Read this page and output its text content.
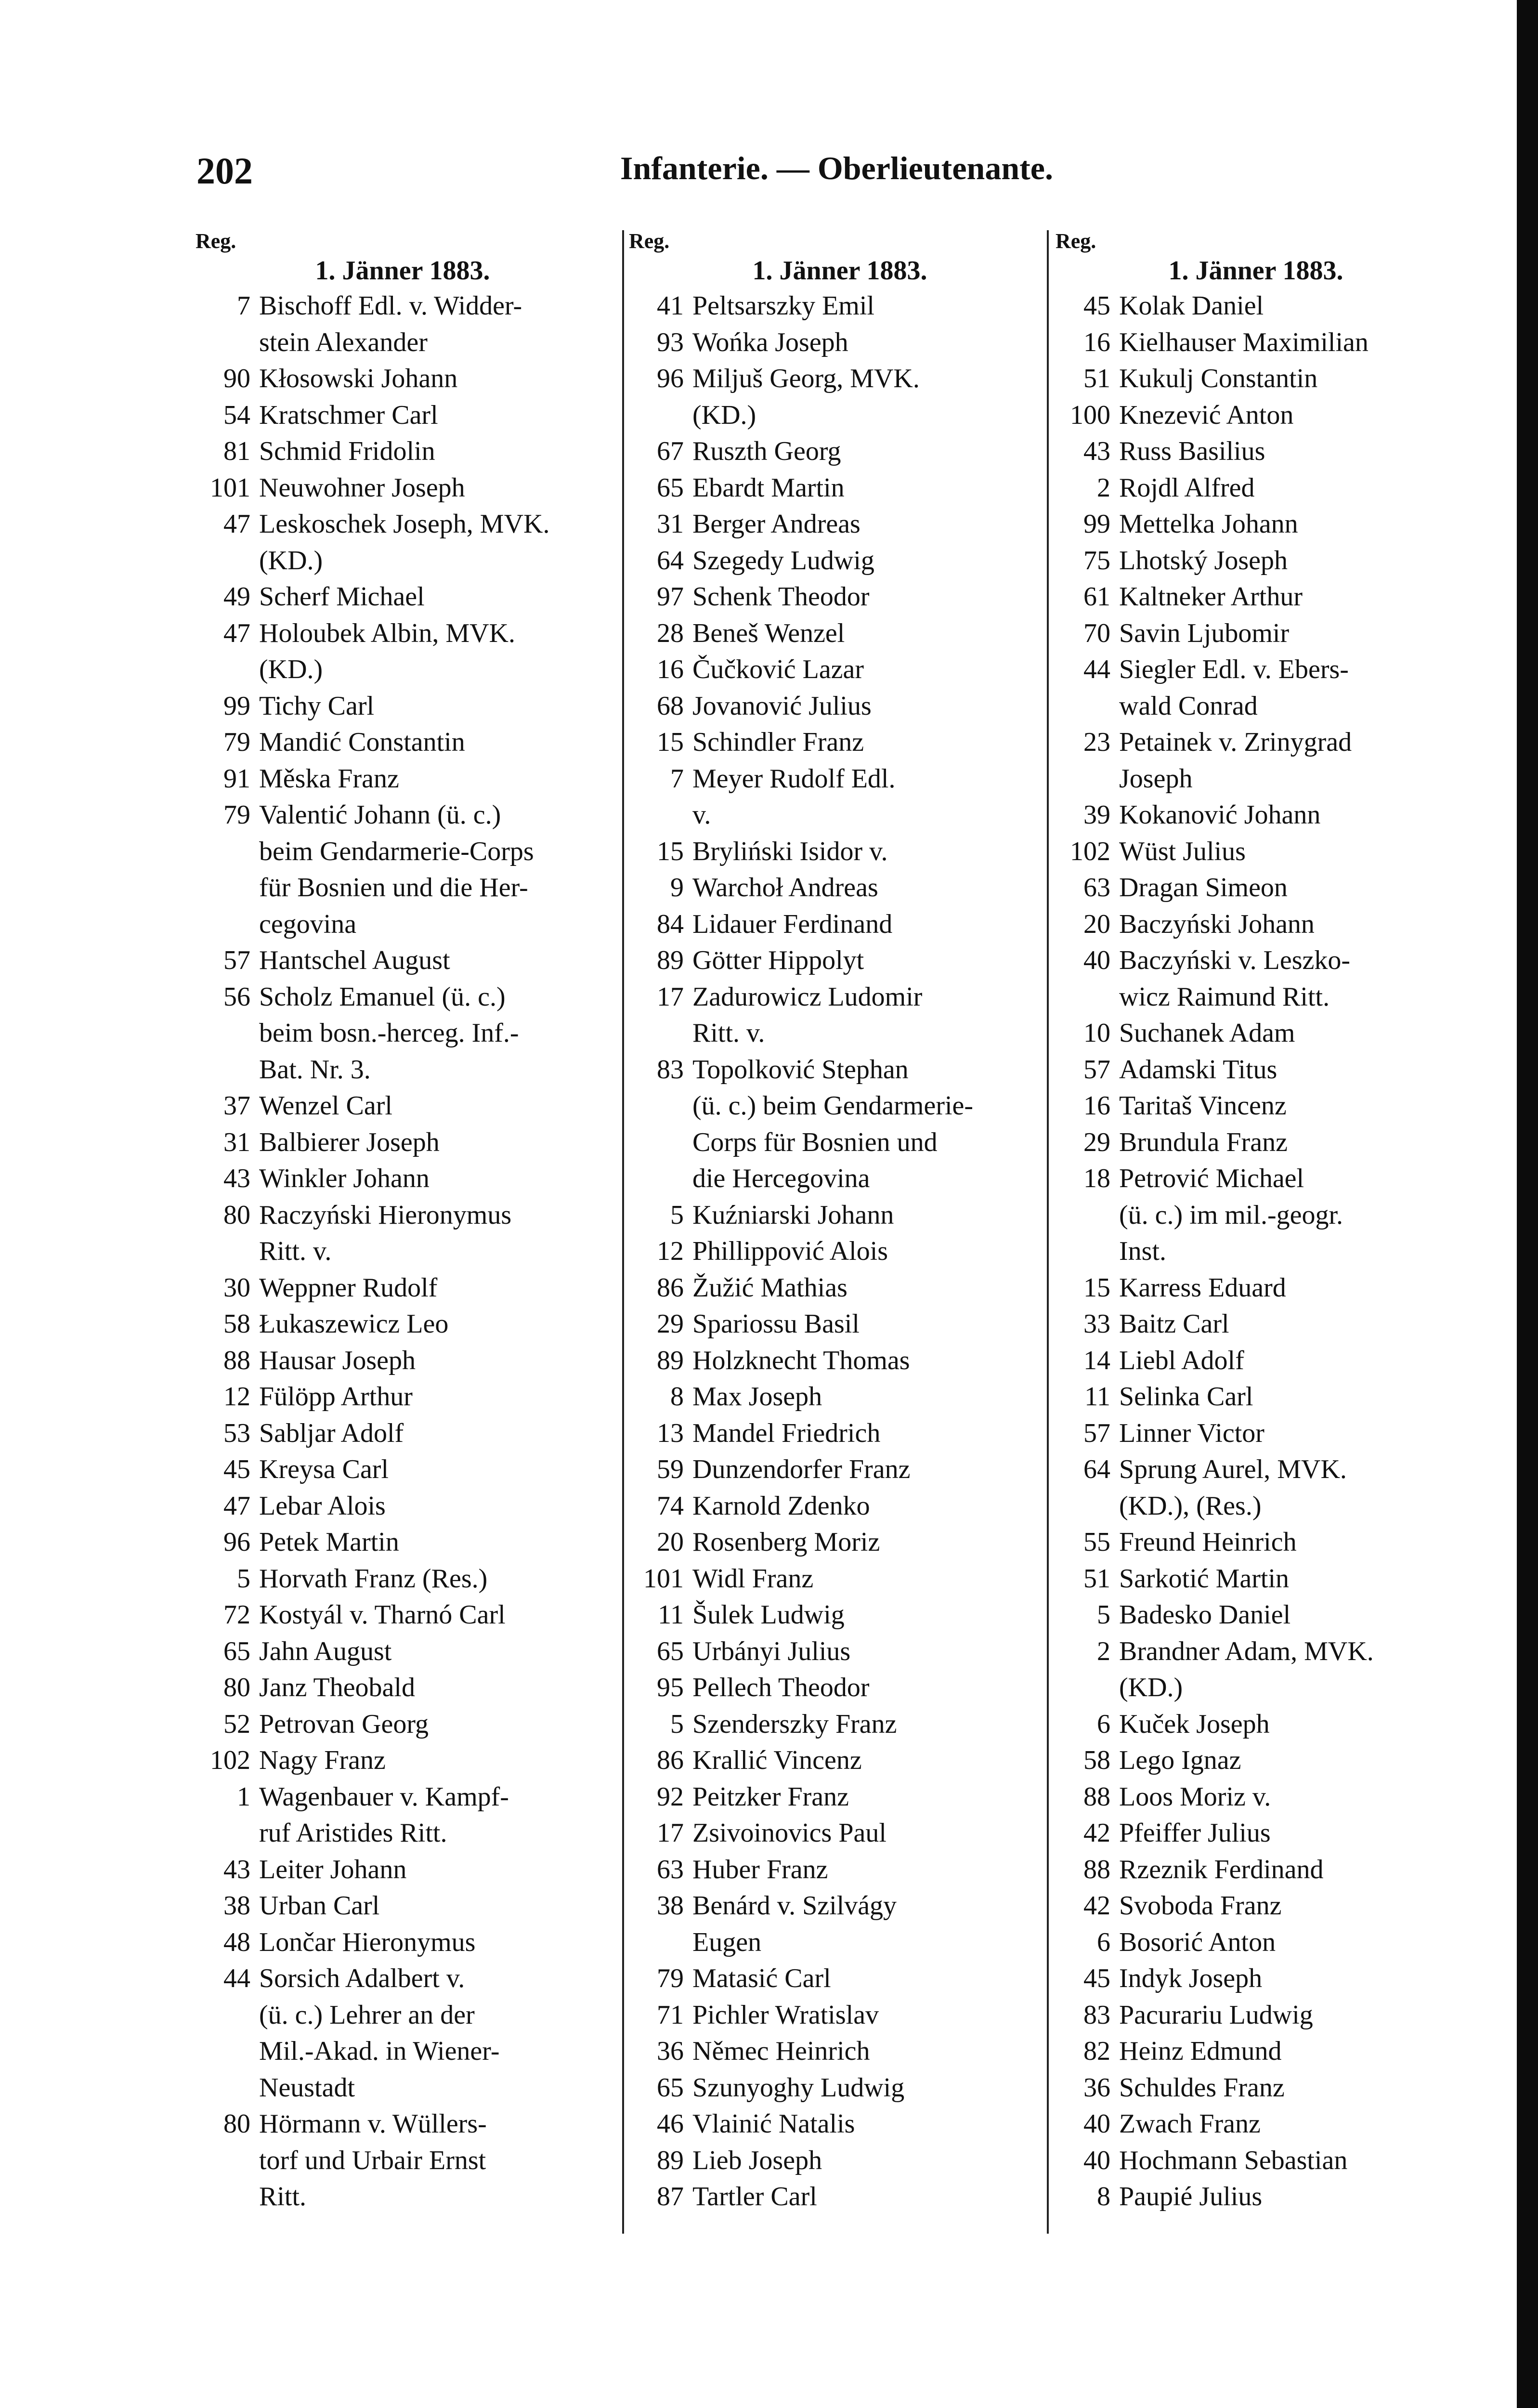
202	Infanterie. — Oberlieutenante.
Reg.
1. Jänner 1883.
7 Bischoff Edl. v. Widder-
stein Alexander
90 Kłosowski Johann
54 Kratschmer Carl
81 Schmid Fridolin
101 Neuwohner Joseph
47 Leskoschek Joseph, MVK.
(KD.)
49 Scherf Michael
47 Holoubek Albin, MVK.
(KD.)
99 Tichy Carl
79 Mandić Constantin
91 Měska Franz
79 Valentić Johann (ü. c.)
beim Gendarmerie-Corps
für Bosnien und die Her-
cegovina
57 Hantschel August
56 Scholz Emanuel (ü. c.)
beim bosn.-herceg. Inf.-
Bat. Nr. 3.
37 Wenzel Carl
31 Balbierer Joseph
43 Winkler Johann
80 Raczyński Hieronymus
Ritt. v.
30 Weppner Rudolf
58 Łukaszewicz Leo
88 Hausar Joseph
12 Fülöpp Arthur
53 Sabljar Adolf
45 Kreysa Carl
47 Lebar Alois
96 Petek Martin
5 Horvath Franz (Res.)
72 Kostyál v. Tharnó Carl
65 Jahn August
80 Janz Theobald
52 Petrovan Georg
102 Nagy Franz
1 Wagenbauer v. Kampf-
ruf Aristides Ritt.
43 Leiter Johann
38 Urban Carl
48 Lončar Hieronymus
44 Sorsich Adalbert v.
(ü. c.) Lehrer an der
Mil.-Akad. in Wiener-
Neustadt
80 Hörmann v. Wüllers-
torf und Urbair Ernst
Ritt.
Reg.
1. Jänner 1883.
41 Peltsarszky Emil
93 Wońka Joseph
96 Miljuš Georg, MVK.
(KD.)
67 Ruszth Georg
65 Ebardt Martin
31 Berger Andreas
64 Szegedy Ludwig
97 Schenk Theodor
28 Beneš Wenzel
16 Čučković Lazar
68 Jovanović Julius
15 Schindler Franz
7 Meyer Rudolf Edl.
v.
15 Bryliński Isidor v.
9 Warchoł Andreas
84 Lidauer Ferdinand
89 Götter Hippolyt
17 Zadurowicz Ludomir
Ritt. v.
83 Topolković Stephan
(ü. c.) beim Gendarmerie-
Corps für Bosnien und
die Hercegovina
5 Kuźniarski Johann
12 Phillippović Alois
86 Žužić Mathias
29 Spariossu Basil
89 Holzknecht Thomas
8 Max Joseph
13 Mandel Friedrich
59 Dunzendorfer Franz
74 Karnold Zdenko
20 Rosenberg Moriz
101 Widl Franz
11 Šulek Ludwig
65 Urbányi Julius
95 Pellech Theodor
5 Szenderszky Franz
86 Krallić Vincenz
92 Peitzker Franz
17 Zsivoinovics Paul
63 Huber Franz
38 Benárd v. Szilvágy
Eugen
79 Matasić Carl
71 Pichler Wratislav
36 Němec Heinrich
65 Szunyoghy Ludwig
46 Vlainić Natalis
89 Lieb Joseph
87 Tartler Carl
Reg.
1. Jänner 1883.
45 Kolak Daniel
16 Kielhauser Maximilian
51 Kukulj Constantin
100 Knezević Anton
43 Russ Basilius
2 Rojdl Alfred
99 Mettelka Johann
75 Lhotský Joseph
61 Kaltneker Arthur
70 Savin Ljubomir
44 Siegler Edl. v. Ebers-
wald Conrad
23 Petainek v. Zrinygrad
Joseph
39 Kokanović Johann
102 Wüst Julius
63 Dragan Simeon
20 Baczyński Johann
40 Baczyński v. Leszko-
wicz Raimund Ritt.
10 Suchanek Adam
57 Adamski Titus
16 Taritaš Vincenz
29 Brundula Franz
18 Petrović Michael
(ü. c.) im mil.-geogr.
Inst.
15 Karress Eduard
33 Baitz Carl
14 Liebl Adolf
11 Selinka Carl
57 Linner Victor
64 Sprung Aurel, MVK.
(KD.), (Res.)
55 Freund Heinrich
51 Sarkotić Martin
5 Badesko Daniel
2 Brandner Adam, MVK.
(KD.)
6 Kuček Joseph
58 Lego Ignaz
88 Loos Moriz v.
42 Pfeiffer Julius
88 Rzeznik Ferdinand
42 Svoboda Franz
6 Bosorić Anton
45 Indyk Joseph
83 Pacurariu Ludwig
82 Heinz Edmund
36 Schuldes Franz
40 Zwach Franz
40 Hochmann Sebastian
8 Paupié Julius
